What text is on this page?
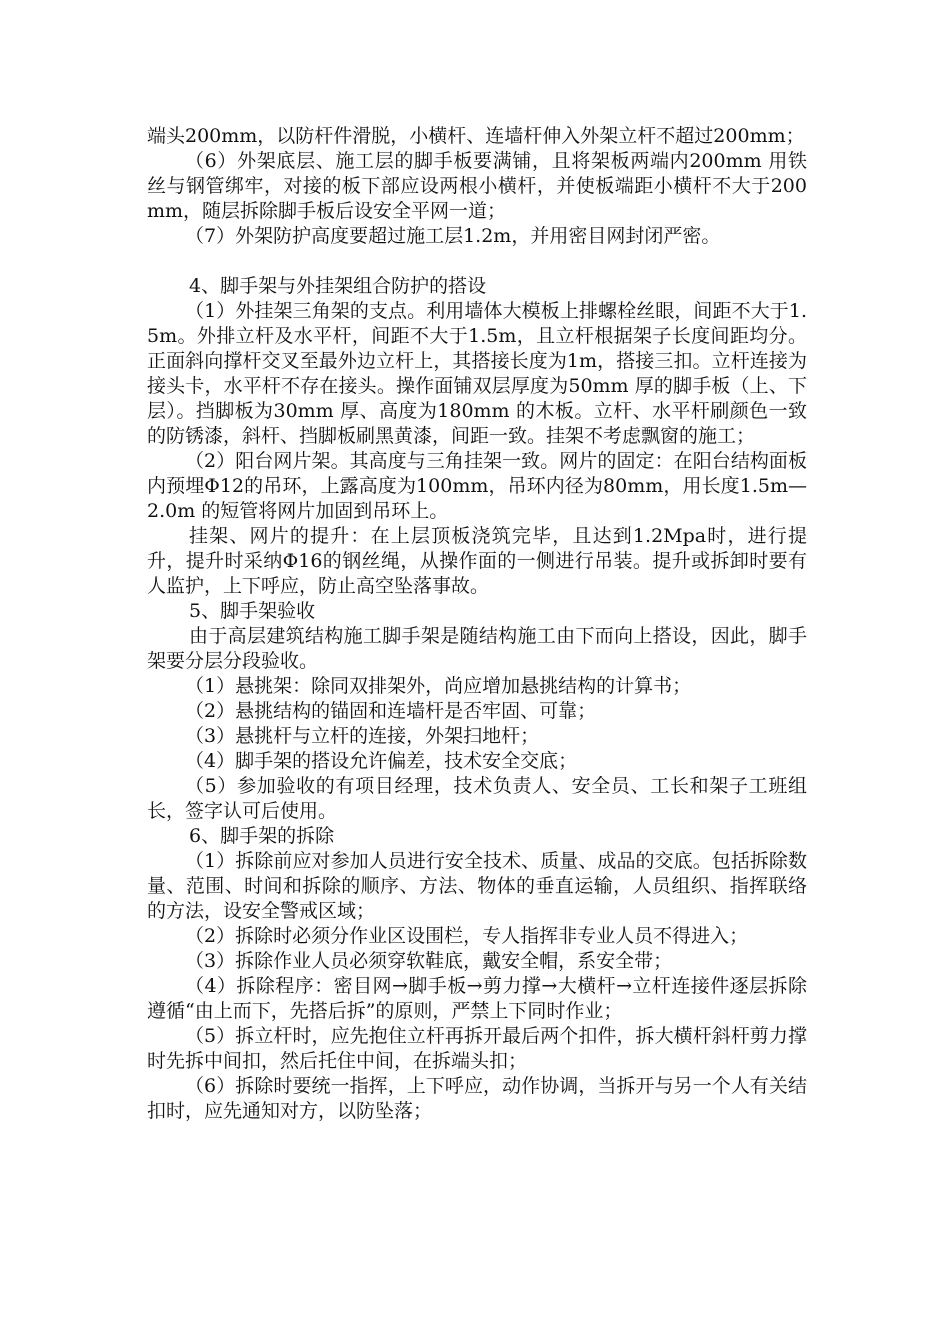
端头200mm，以防杆件滑脱，小横杆、连墙杆伸入外架立杆不超过200mm；

（6）外架底层、施工层的脚手板要满铺，且将架板两端内200mm 用铁丝与钢管绑牢，对接的板下部应设两根小横杆，并使板端距小横杆不大于200mm，随层拆除脚手板后设安全平网一道；

（7）外架防护高度要超过施工层1.2m，并用密目网封闭严密。

4、脚手架与外挂架组合防护的搭设

（1）外挂架三角架的支点。利用墙体大模板上排螺栓丝眼，间距不大于1.5m。外排立杆及水平杆，间距不大于1.5m，且立杆根据架子长度间距均分。正面斜向撑杆交叉至最外边立杆上，其搭接长度为1m，搭接三扣。立杆连接为接头卡，水平杆不存在接头。操作面铺双层厚度为50mm 厚的脚手板（上、下层）。挡脚板为30mm 厚、高度为180mm 的木板。立杆、水平杆刷颜色一致的防锈漆，斜杆、挡脚板刷黑黄漆，间距一致。挂架不考虑飘窗的施工；

（2）阳台网片架。其高度与三角挂架一致。网片的固定：在阳台结构面板内预埋Φ12的吊环，上露高度为100mm，吊环内径为80mm，用长度1.5m—2.0m 的短管将网片加固到吊环上。

挂架、网片的提升：在上层顶板浇筑完毕，且达到1.2Mpa时，进行提升，提升时采纳Φ16的钢丝绳，从操作面的一侧进行吊装。提升或拆卸时要有人监护，上下呼应，防止高空坠落事故。

5、脚手架验收

由于高层建筑结构施工脚手架是随结构施工由下而向上搭设，因此，脚手架要分层分段验收。

（1）悬挑架：除同双排架外，尚应增加悬挑结构的计算书；

（2）悬挑结构的锚固和连墙杆是否牢固、可靠；

（3）悬挑杆与立杆的连接，外架扫地杆；

（4）脚手架的搭设允许偏差，技术安全交底；

（5）参加验收的有项目经理，技术负责人、安全员、工长和架子工班组长，签字认可后使用。

6、脚手架的拆除

（1）拆除前应对参加人员进行安全技术、质量、成品的交底。包括拆除数量、范围、时间和拆除的顺序、方法、物体的垂直运输，人员组织、指挥联络的方法，设安全警戒区域；

（2）拆除时必须分作业区设围栏，专人指挥非专业人员不得进入；

（3）拆除作业人员必须穿软鞋底，戴安全帽，系安全带；

（4）拆除程序：密目网→脚手板→剪力撑→大横杆→立杆连接件逐层拆除遵循“由上而下，先搭后拆”的原则，严禁上下同时作业；

（5）拆立杆时，应先抱住立杆再拆开最后两个扣件，拆大横杆斜杆剪力撑时先拆中间扣，然后托住中间，在拆端头扣；

（6）拆除时要统一指挥，上下呼应，动作协调，当拆开与另一个人有关结扣时，应先通知对方，以防坠落；
